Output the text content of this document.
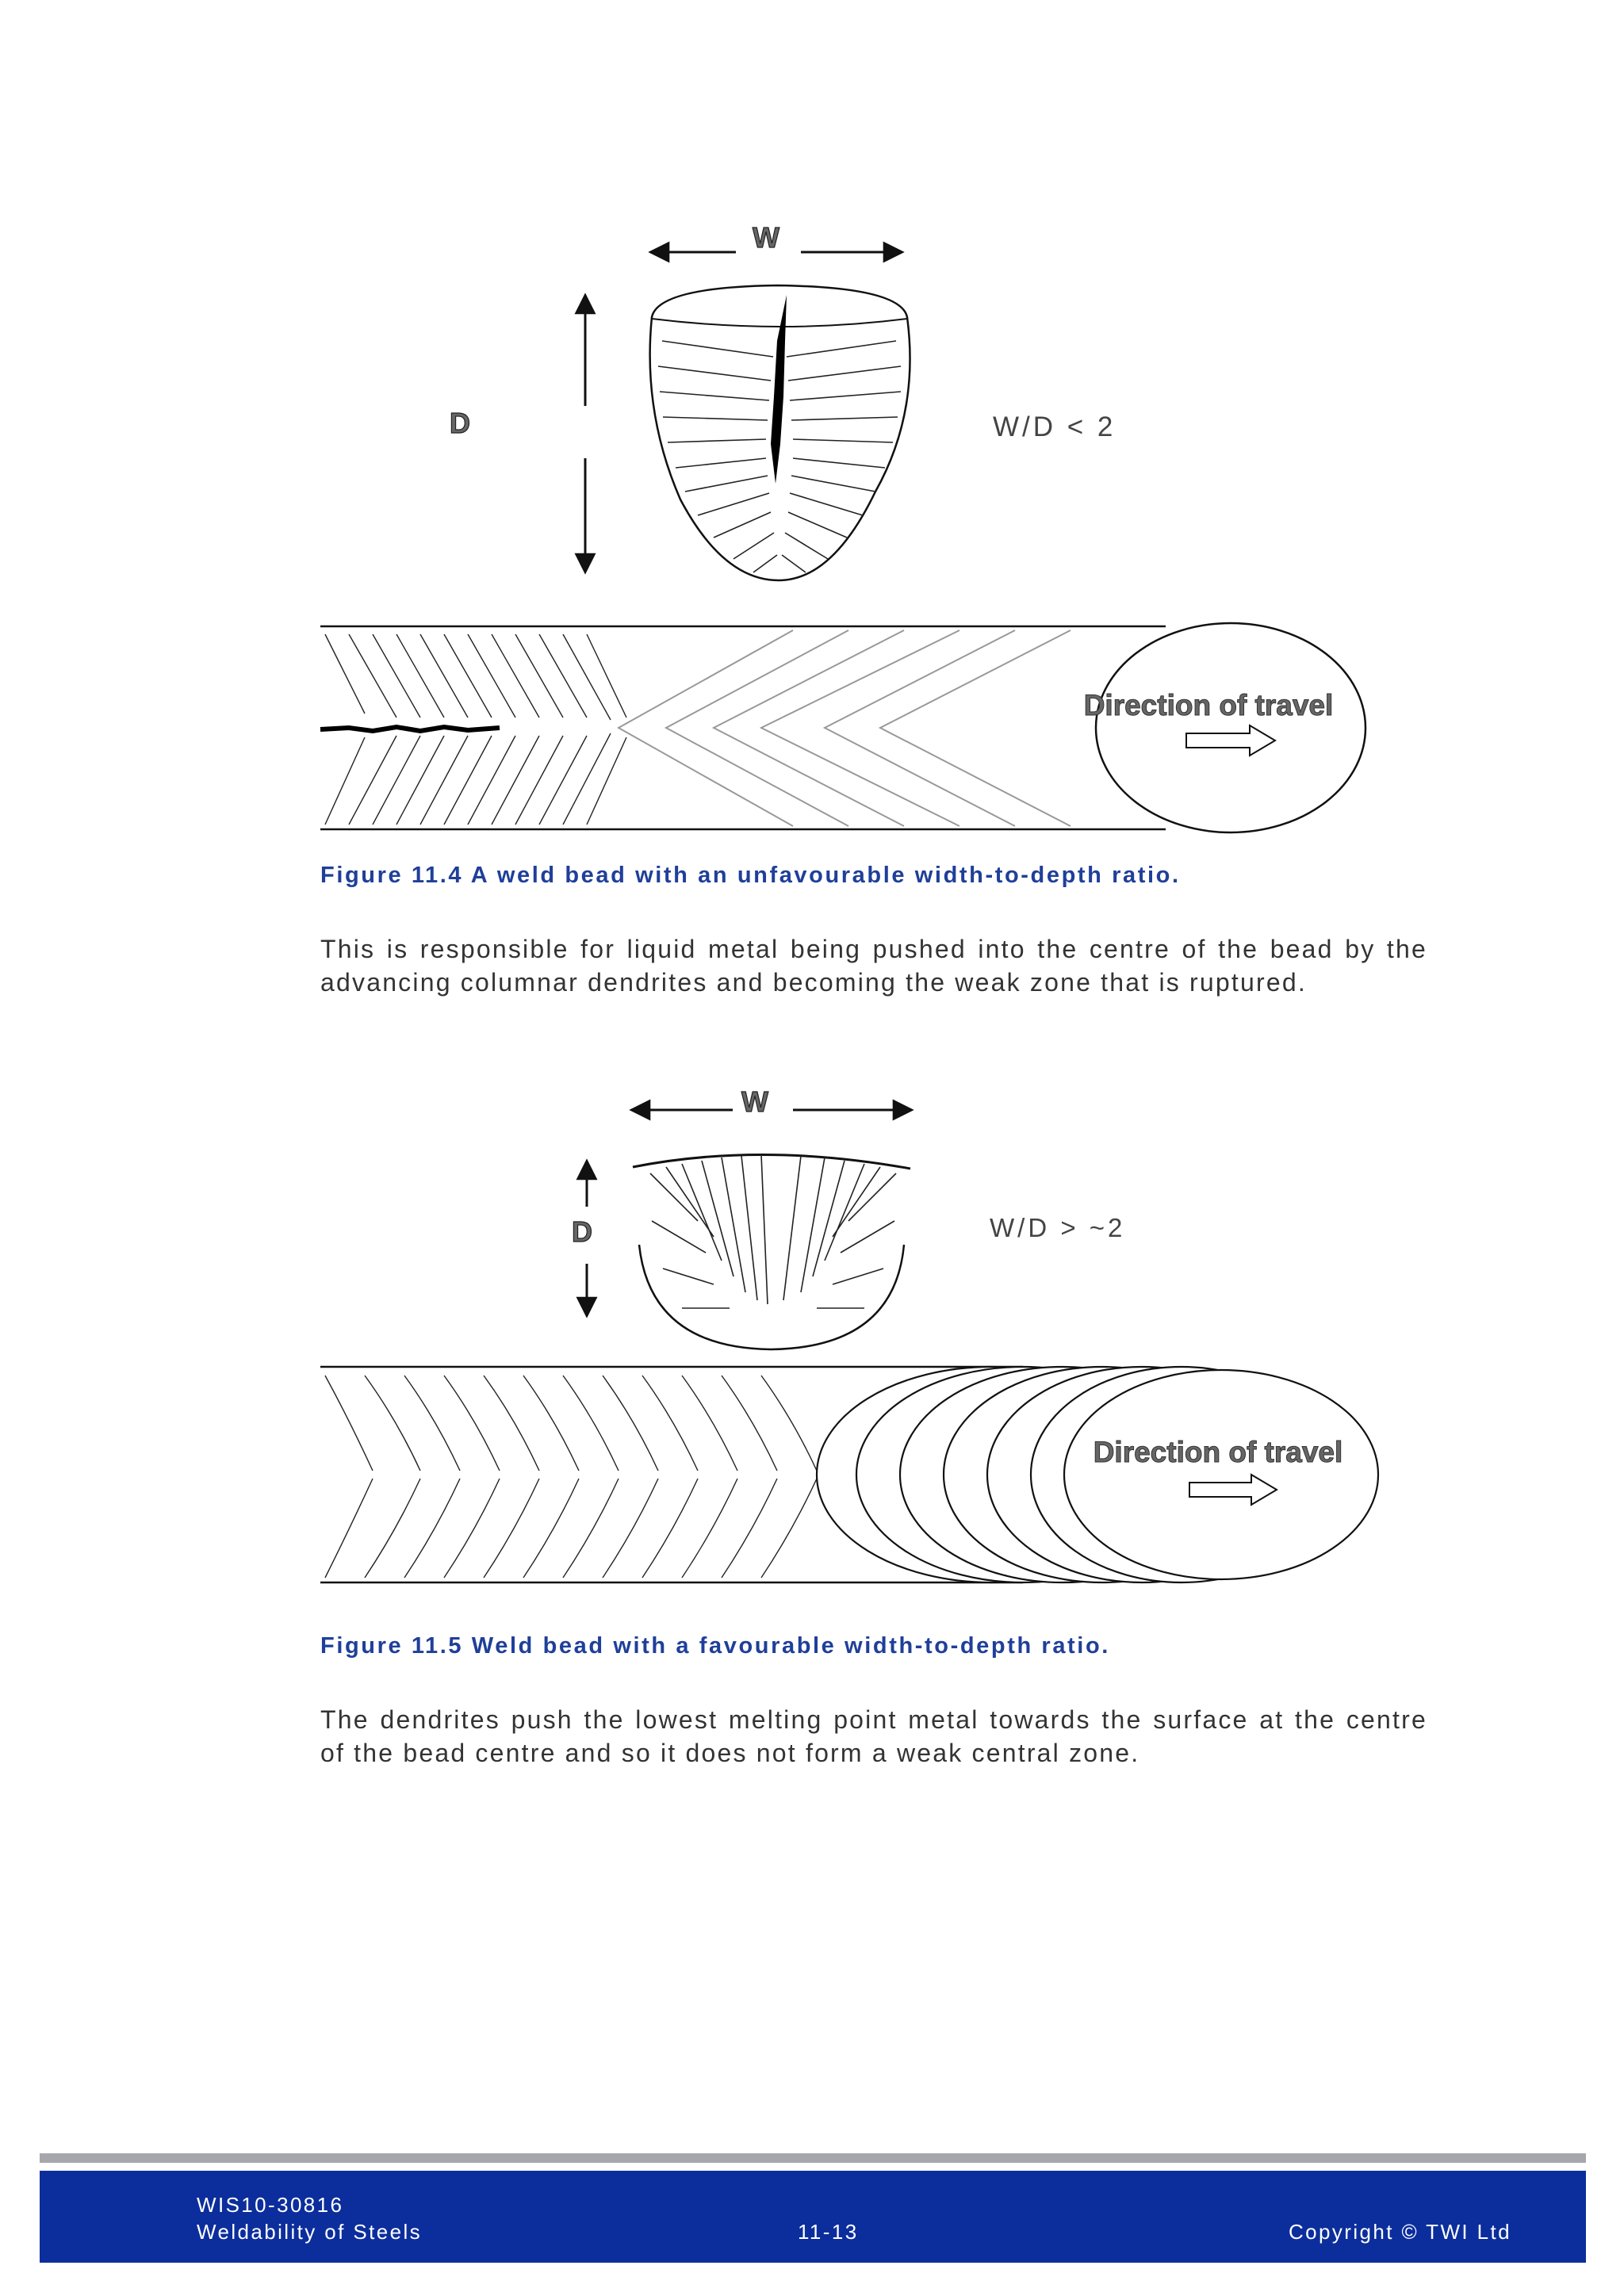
W
D	W/D < 2
Direction of travel
W
D	W/D > ~2
Direction of travel
Figure 11.4 A weld bead with an unfavourable width-to-depth ratio.

This is responsible for liquid metal being pushed into the centre of the bead by the advancing columnar dendrites and becoming the weak zone that is ruptured.

Figure 11.5 Weld bead with a favourable width-to-depth ratio.

The dendrites push the lowest melting point metal towards the surface at the centre of the bead centre and so it does not form a weak central zone.

WIS10-30816
Weldability of Steels	11-13	Copyright © TWI Ltd
